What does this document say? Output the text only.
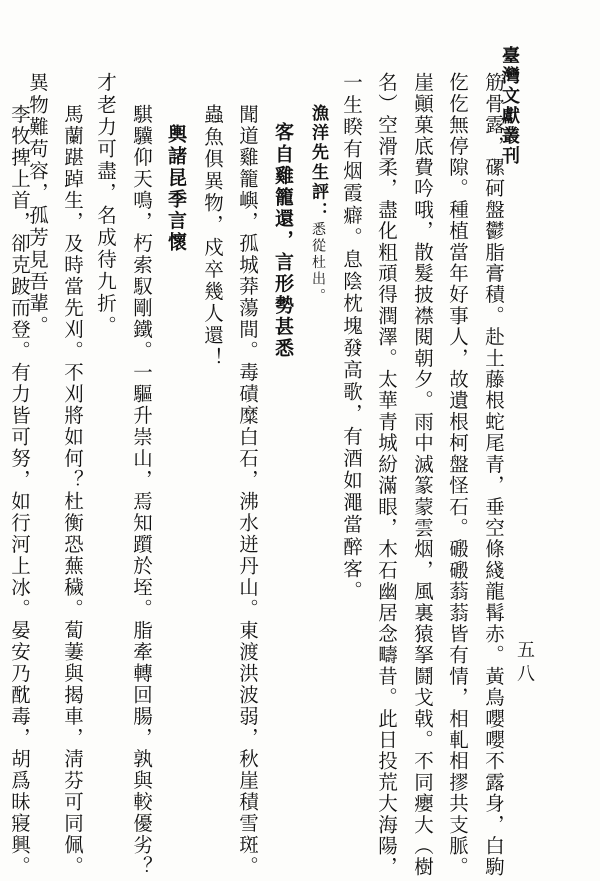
臺灣文獻叢刊
五八
筋骨露，磥砢盤鬱脂膏積。赴土藤根蛇尾青，垂空條綫龍髯赤。黃鳥嚶嚶不露身，白駒
仡仡無停隙。種植當年好事人，故遺根柯盤怪石。磤磤蓊蓊皆有情，相軋相摎共支脈。
崖顚菓底費吟哦，散髮披襟閱朝夕。雨中滅篆蒙雲烟，風裏猿拏鬪戈戟。不同癭大（樹
名）空滑柔，盡化粗頑得潤澤。太華青城紛滿眼，木石幽居念疇昔。此日投荒大海陽，
一生睽有烟霞癖。息陰枕塊發高歌，有酒如澠當醉客。
漁洋先生評：悉從杜出。
客自雞籠還，言形勢甚悉
聞道雞籠嶼，孤城莽蕩間。毒磧糜白石，沸水迸丹山。東渡洪波弱，秋崖積雪斑。
蟲魚俱異物，戍卒幾人還！
輿諸昆季言懷
騏驥仰天鳴，朽索馭剛鐵。一驅升崇山，焉知躓於垤。脂牽轉回腸，孰與較優劣？
才老力可盡，名成待九折。
馬蘭踸踔生，及時當先刈。不刈將如何？杜衡恐蕪穢。蔔萋與揭車，淸芬可同佩。
異物難苟容，孤芳見吾輩。
李牧捭上首，卻克跛而登。有力皆可努，如行河上冰。晏安乃酖毒，胡爲昧寢興。
